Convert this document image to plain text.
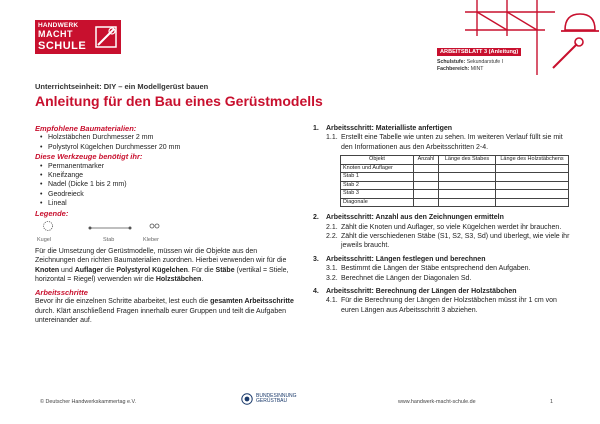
HANDWERK
MACHT
SCHULE	ARBEITSBLATT 3 (Anleitung)
Schulstufe: Sekundarstufe I
Fachbereich: MINT
Unterrichtseinheit: DIY – ein Modellgerüst bauen
Anleitung für den Bau eines Gerüstmodells
Empfohlene Baumaterialien:
• Holzstäbchen Durchmesser 2 mm
• Polystyrol Kügelchen Durchmesser 20 mm
Diese Werkzeuge benötigt ihr:
• Permanentmarker
• Kneifzange
• Nadel (Dicke 1 bis 2 mm)
• Geodreieck
• Lineal
Legende:
Kugel	Stab	Kleber

Für die Umsetzung der Gerüstmodelle, müssen wir die Objekte aus den Zeichnungen den richten Baumaterialien zuordnen. Hierbei verwenden wir für die Knoten und Auflager die Polystyrol Kügelchen. Für die Stäbe (vertikal = Stiele, horizontal = Riegel) verwenden wir die Holzstäbchen.

Arbeitsschritte

Bevor ihr die einzelnen Schritte abarbeitet, lest euch die gesamten Arbeitsschritte durch. Klärt anschließend Fragen innerhalb eurer Gruppen und teilt die Aufgaben untereinander auf.

1.	Arbeitsschritt: Materialliste anfertigen
1.1. Erstellt eine Tabelle wie unten zu sehen. Im weiteren Verlauf füllt sie mit den Informationen aus den Arbeitsschritten 2-4.
Objekt	Anzahl	Länge des Stabes	Länge des Holzstäbchens
Knoten und Auflager			
Stab 1			
Stab 2			
Stab 3			
Diagonale			
2.	Arbeitsschritt: Anzahl aus den Zeichnungen ermitteln
2.1. Zählt die Knoten und Auflager, so viele Kügelchen werdet ihr brauchen.
2.2. Zählt die verschiedenen Stäbe (S1, S2, S3, Sd) und überlegt, wie viele ihr jeweils braucht.
3.	Arbeitsschritt: Längen festlegen und berechnen
3.1. Bestimmt die Längen der Stäbe entsprechend den Aufgaben.
3.2. Berechnet die Längen der Diagonalen Sd.
4.	Arbeitsschritt: Berechnung der Längen der Holzstäbchen
4.1. Für die Berechnung der Längen der Holzstäbchen müsst ihr 1 cm von euren Längen aus Arbeitsschritt 3 abziehen.
© Deutscher Handwerkskammertag e.V.
BUNDESINNUNG
GERÜSTBAU	www.handwerk-macht-schule.de	1
